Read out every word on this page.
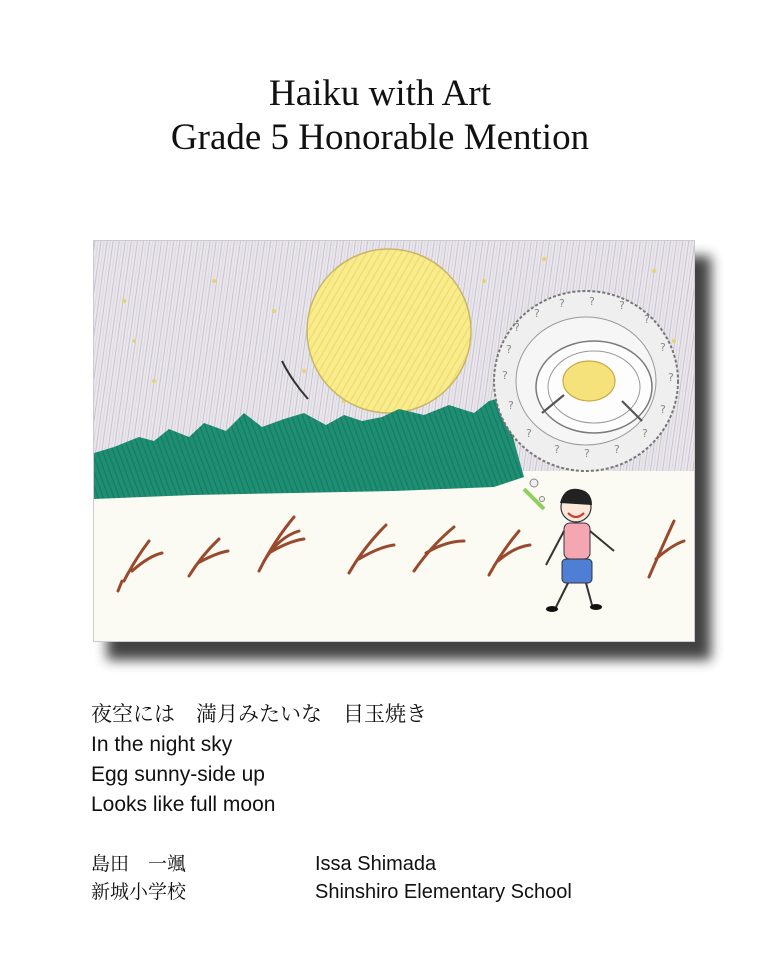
Haiku with Art
Grade 5 Honorable Mention
?
?
? ? ?
?
?
?
?
?
?
?
?
?
?
?
?
夜空には　満月みたいな　目玉焼き
In the night sky
Egg sunny-side up
Looks like full moon
島田　一颯	Issa Shimada
新城小学校	Shinshiro Elementary School
